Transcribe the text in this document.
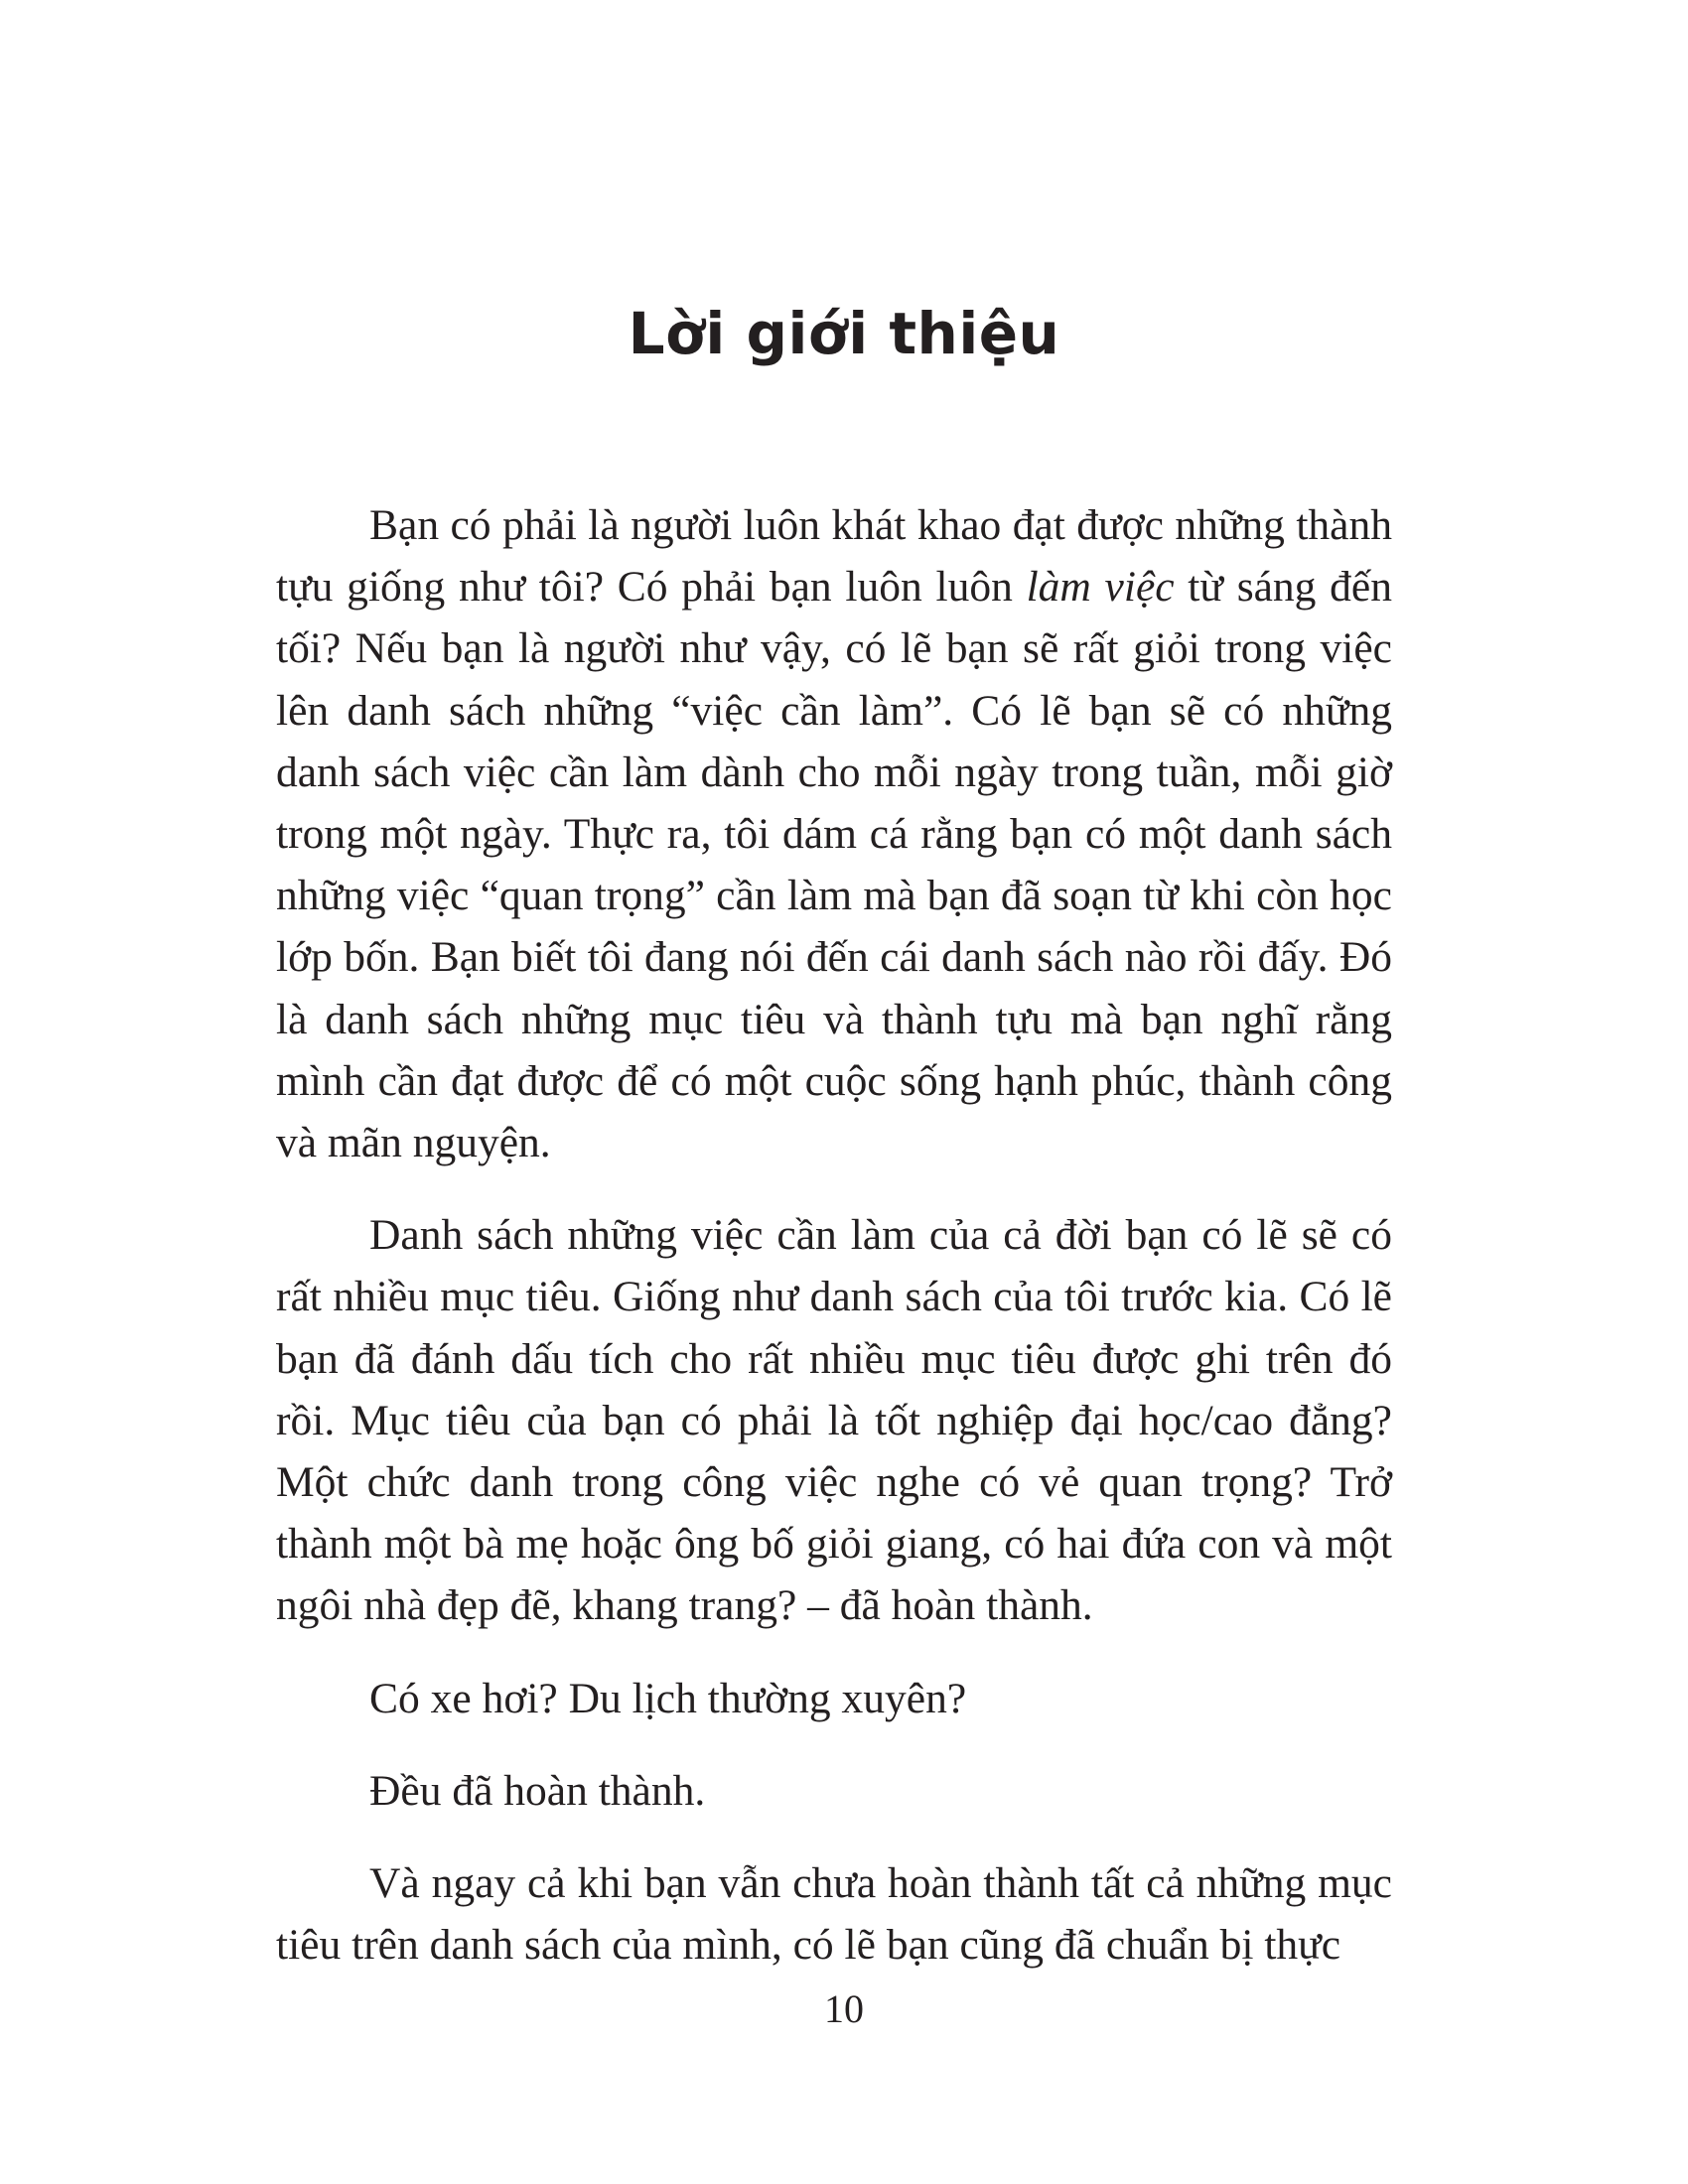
Lời giới thiệu

Bạn có phải là người luôn khát khao đạt được những thành tựu giống như tôi? Có phải bạn luôn luôn làm việc từ sáng đến tối? Nếu bạn là người như vậy, có lẽ bạn sẽ rất giỏi trong việc lên danh sách những “việc cần làm”. Có lẽ bạn sẽ có những danh sách việc cần làm dành cho mỗi ngày trong tuần, mỗi giờ trong một ngày. Thực ra, tôi dám cá rằng bạn có một danh sách những việc “quan trọng” cần làm mà bạn đã soạn từ khi còn học lớp bốn. Bạn biết tôi đang nói đến cái danh sách nào rồi đấy. Đó là danh sách những mục tiêu và thành tựu mà bạn nghĩ rằng mình cần đạt được để có một cuộc sống hạnh phúc, thành công và mãn nguyện.

Danh sách những việc cần làm của cả đời bạn có lẽ sẽ có rất nhiều mục tiêu. Giống như danh sách của tôi trước kia. Có lẽ bạn đã đánh dấu tích cho rất nhiều mục tiêu được ghi trên đó rồi. Mục tiêu của bạn có phải là tốt nghiệp đại học/cao đẳng? Một chức danh trong công việc nghe có vẻ quan trọng? Trở thành một bà mẹ hoặc ông bố giỏi giang, có hai đứa con và một ngôi nhà đẹp đẽ, khang trang? – đã hoàn thành.

Có xe hơi? Du lịch thường xuyên?

Đều đã hoàn thành.

Và ngay cả khi bạn vẫn chưa hoàn thành tất cả những mục tiêu trên danh sách của mình, có lẽ bạn cũng đã chuẩn bị thực

10
